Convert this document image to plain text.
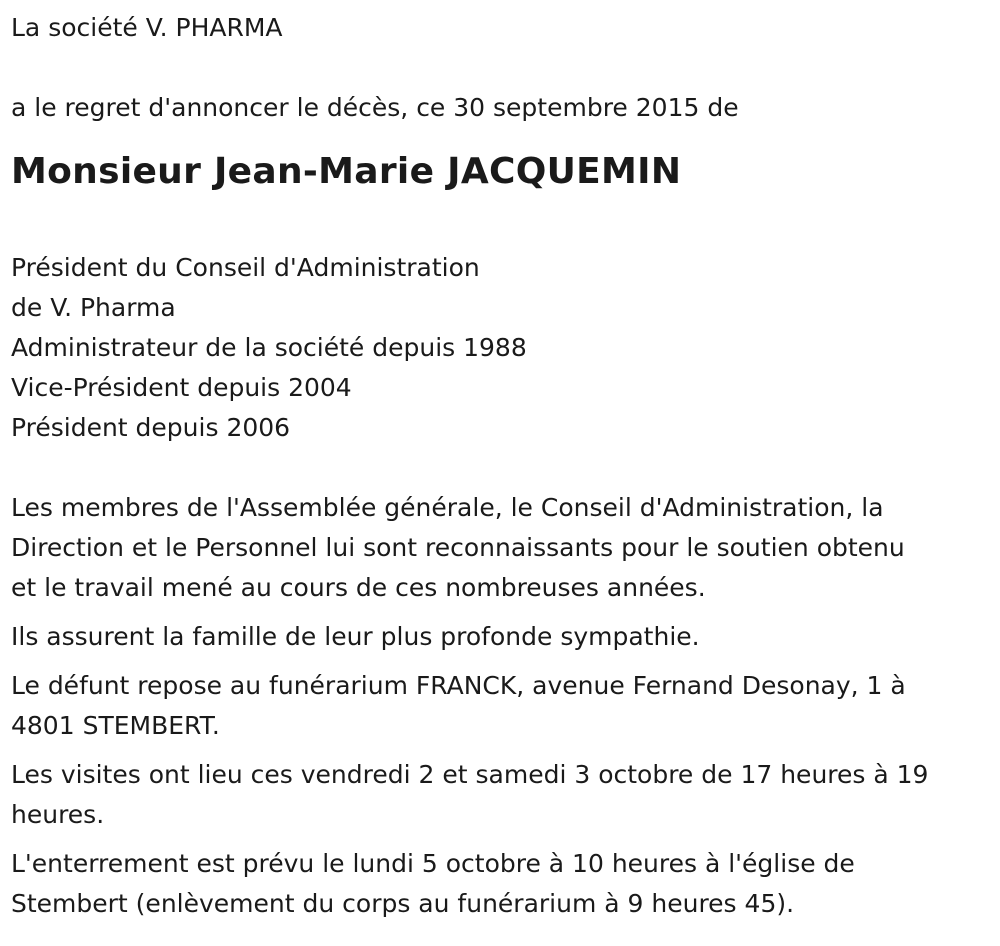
La société V. PHARMA

a le regret d'annoncer le décès, ce 30 septembre 2015 de

Monsieur Jean-Marie JACQUEMIN

Président du Conseil d'Administration

de V. Pharma

Administrateur de la société depuis 1988

Vice-Président depuis 2004

Président depuis 2006

Les membres de l'Assemblée générale, le Conseil d'Administration, la
Direction et le Personnel lui sont reconnaissants pour le soutien obtenu
et le travail mené au cours de ces nombreuses années.
Ils assurent la famille de leur plus profonde sympathie.
Le défunt repose au funérarium FRANCK, avenue Fernand Desonay, 1 à
4801 STEMBERT.
Les visites ont lieu ces vendredi 2 et samedi 3 octobre de 17 heures à 19
heures.
L'enterrement est prévu le lundi 5 octobre à 10 heures à l'église de
Stembert (enlèvement du corps au funérarium à 9 heures 45).
